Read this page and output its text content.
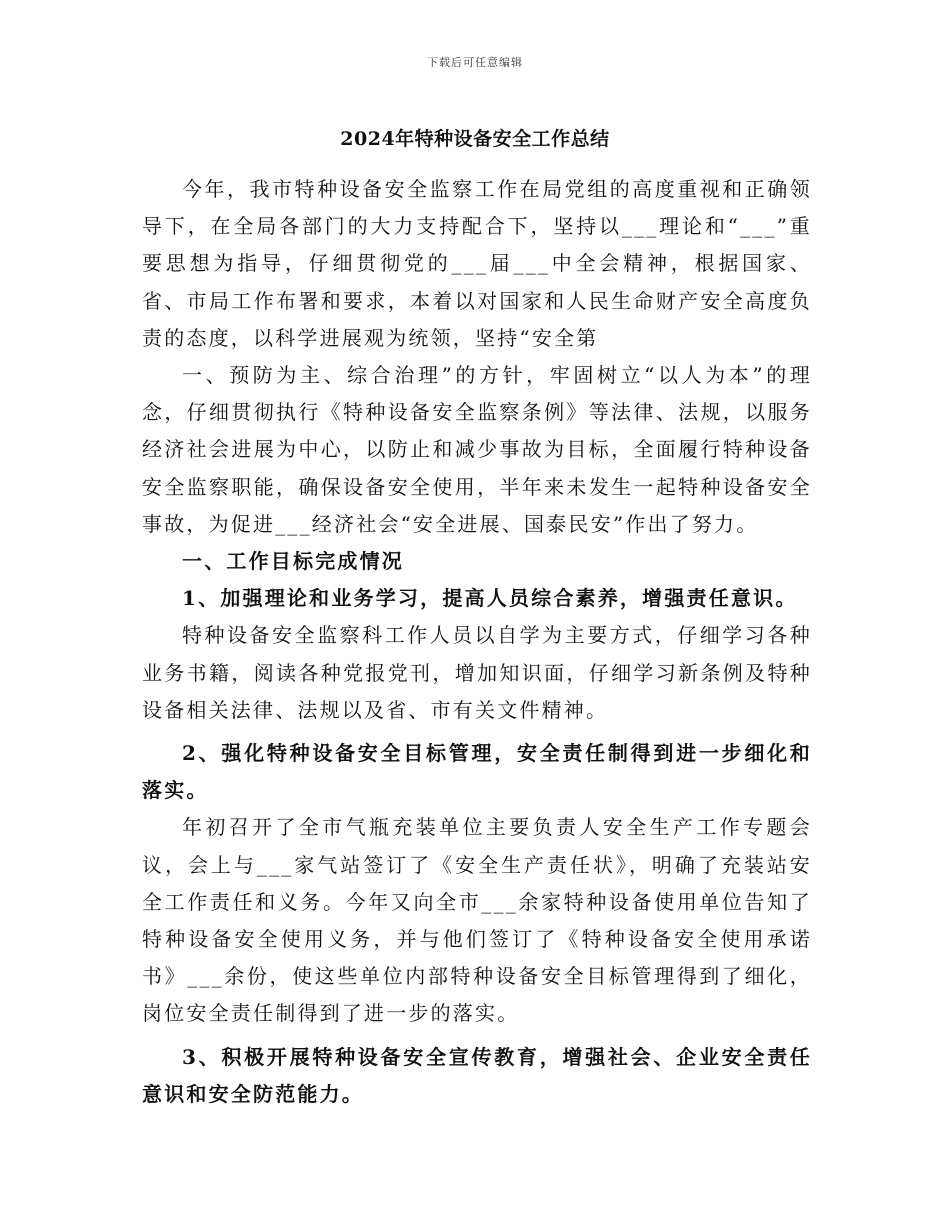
下载后可任意编辑
2024年特种设备安全工作总结

今年，我市特种设备安全监察工作在局党组的高度重视和正确领导下，在全局各部门的大力支持配合下，坚持以___理论和“___”重要思想为指导，仔细贯彻党的___届___中全会精神，根据国家、省、市局工作布署和要求，本着以对国家和人民生命财产安全高度负责的态度，以科学进展观为统领，坚持“安全第

一、预防为主、综合治理”的方针，牢固树立“以人为本”的理念，仔细贯彻执行《特种设备安全监察条例》等法律、法规，以服务经济社会进展为中心，以防止和减少事故为目标，全面履行特种设备安全监察职能，确保设备安全使用，半年来未发生一起特种设备安全事故，为促进___经济社会“安全进展、国泰民安”作出了努力。

一、工作目标完成情况

1、加强理论和业务学习，提高人员综合素养，增强责任意识。

特种设备安全监察科工作人员以自学为主要方式，仔细学习各种业务书籍，阅读各种党报党刊，增加知识面，仔细学习新条例及特种设备相关法律、法规以及省、市有关文件精神。

2、强化特种设备安全目标管理，安全责任制得到进一步细化和落实。

年初召开了全市气瓶充装单位主要负责人安全生产工作专题会议，会上与___家气站签订了《安全生产责任状》，明确了充装站安全工作责任和义务。今年又向全市___余家特种设备使用单位告知了特种设备安全使用义务，并与他们签订了《特种设备安全使用承诺书》___余份，使这些单位内部特种设备安全目标管理得到了细化，岗位安全责任制得到了进一步的落实。

3、积极开展特种设备安全宣传教育，增强社会、企业安全责任意识和安全防范能力。
